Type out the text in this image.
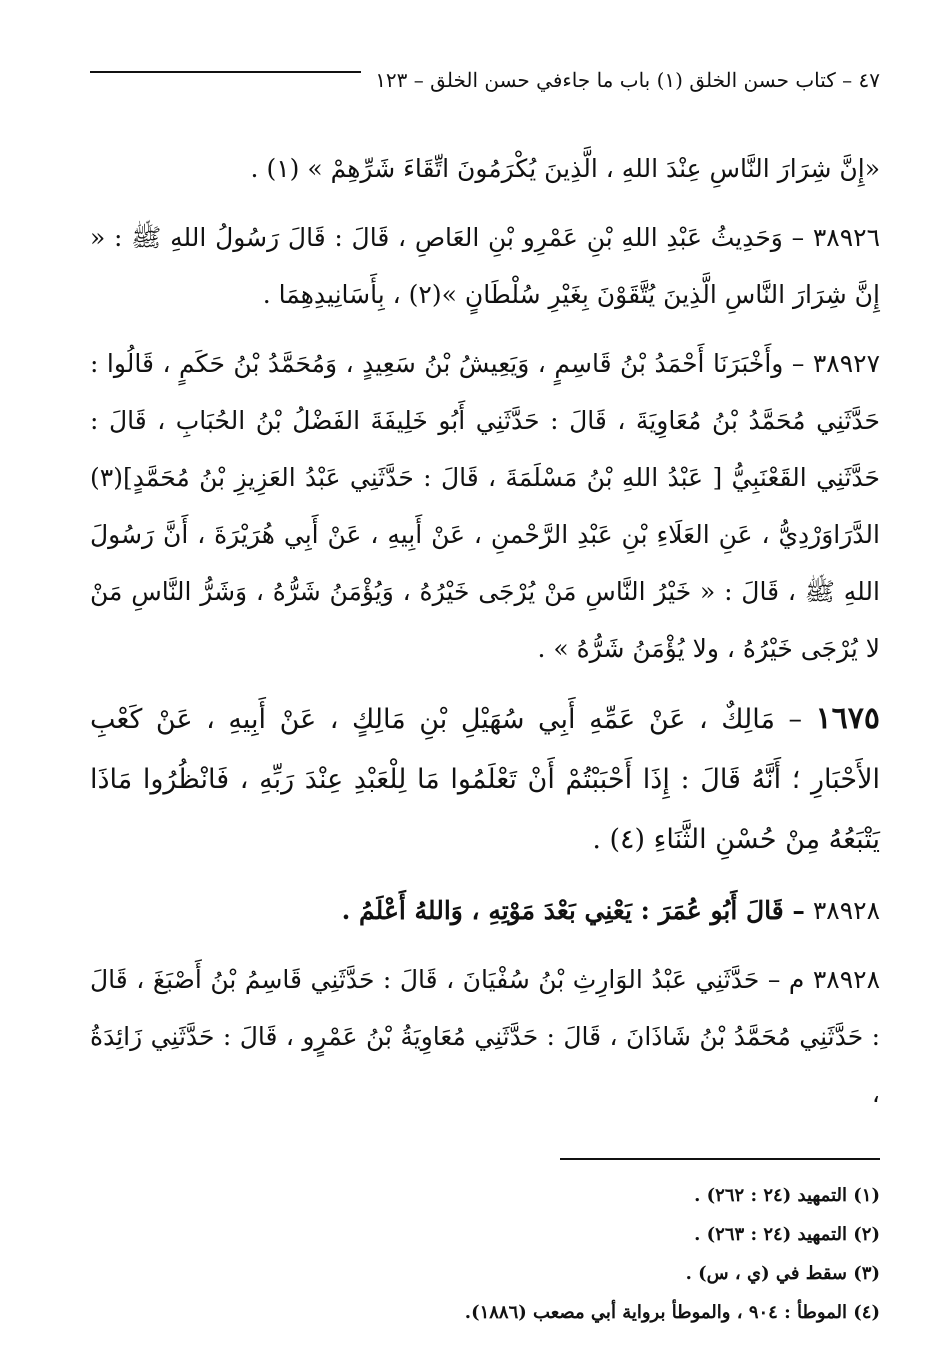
٤٧ – كتاب حسن الخلق (١) باب ما جاءفي حسن الخلق – ١٢٣

«إِنَّ شِرَارَ النَّاسِ عِنْدَ اللهِ ، الَّذِينَ يُكْرَمُونَ اتِّقَاءَ شَرِّهِمْ » (١) .

٣٨٩٢٦ – وَحَدِيثُ عَبْدِ اللهِ بْنِ عَمْرِو بْنِ العَاصِ ، قَالَ : قَالَ رَسُولُ اللهِ ﷺ : « إِنَّ شِرَارَ النَّاسِ الَّذِينَ يُتَّقَوْنَ بِغَيْرِ سُلْطَانٍ »(٢) ، بِأَسَانِيدِهِمَا .

٣٨٩٢٧ – وأَخْبَرَنَا أَحْمَدُ بْنُ قَاسِمٍ ، وَيَعِيشُ بْنُ سَعِيدٍ ، وَمُحَمَّدُ بْنُ حَكَمٍ ، قَالُوا : حَدَّثَنِي مُحَمَّدُ بْنُ مُعَاوِيَةَ ، قَالَ : حَدَّثَنِي أَبُو خَلِيفَةَ الفَضْلُ بْنُ الحُبَابِ ، قَالَ : حَدَّثَنِي القَعْنَبِيُّ [ عَبْدُ اللهِ بْنُ مَسْلَمَةَ ، قَالَ : حَدَّثَنِي عَبْدُ العَزِيزِ بْنُ مُحَمَّدٍ](٣) الدَّرَاوَرْدِيُّ ، عَنِ العَلَاءِ بْنِ عَبْدِ الرَّحْمنِ ، عَنْ أَبِيهِ ، عَنْ أَبِي هُرَيْرَةَ ، أَنَّ رَسُولَ اللهِ ﷺ ، قَالَ : « خَيْرُ النَّاسِ مَنْ يُرْجَى خَيْرُهُ ، وَيُؤْمَنُ شَرُّهُ ، وَشَرُّ النَّاسِ مَنْ لا يُرْجَى خَيْرُهُ ، ولا يُؤْمَنُ شَرُّهُ » .

١٦٧٥ – مَالِكٌ ، عَنْ عَمِّهِ أَبِي سُهَيْلِ بْنِ مَالِكٍ ، عَنْ أَبِيهِ ، عَنْ كَعْبِ الأَحْبَارِ ؛ أَنَّهُ قَالَ : إِذَا أَحْبَبْتُمْ أَنْ تَعْلَمُوا مَا لِلْعَبْدِ عِنْدَ رَبِّهِ ، فَانْظُرُوا مَاذَا يَتْبَعُهُ مِنْ حُسْنِ الثَّنَاءِ (٤) .

٣٨٩٢٨ – قَالَ أَبُو عُمَرَ : يَعْنِي بَعْدَ مَوْتِهِ ، وَاللهُ أَعْلَمُ .

٣٨٩٢٨ م – حَدَّثَنِي عَبْدُ الوَارِثِ بْنُ سُفْيَانَ ، قَالَ : حَدَّثَنِي قَاسِمُ بْنُ أَصْبَغَ ، قَالَ : حَدَّثَنِي مُحَمَّدُ بْنُ شَاذَانَ ، قَالَ : حَدَّثَنِي مُعَاوِيَةُ بْنُ عَمْرٍو ، قَالَ : حَدَّثَنِي زَائِدَةُ ،

(١) التمهيد (٢٤ : ٢٦٢) .
(٢) التمهيد (٢٤ : ٢٦٣) .
(٣) سقط في (ي ، س) .
(٤) الموطأ : ٩٠٤ ، والموطأ برواية أبي مصعب (١٨٨٦).
